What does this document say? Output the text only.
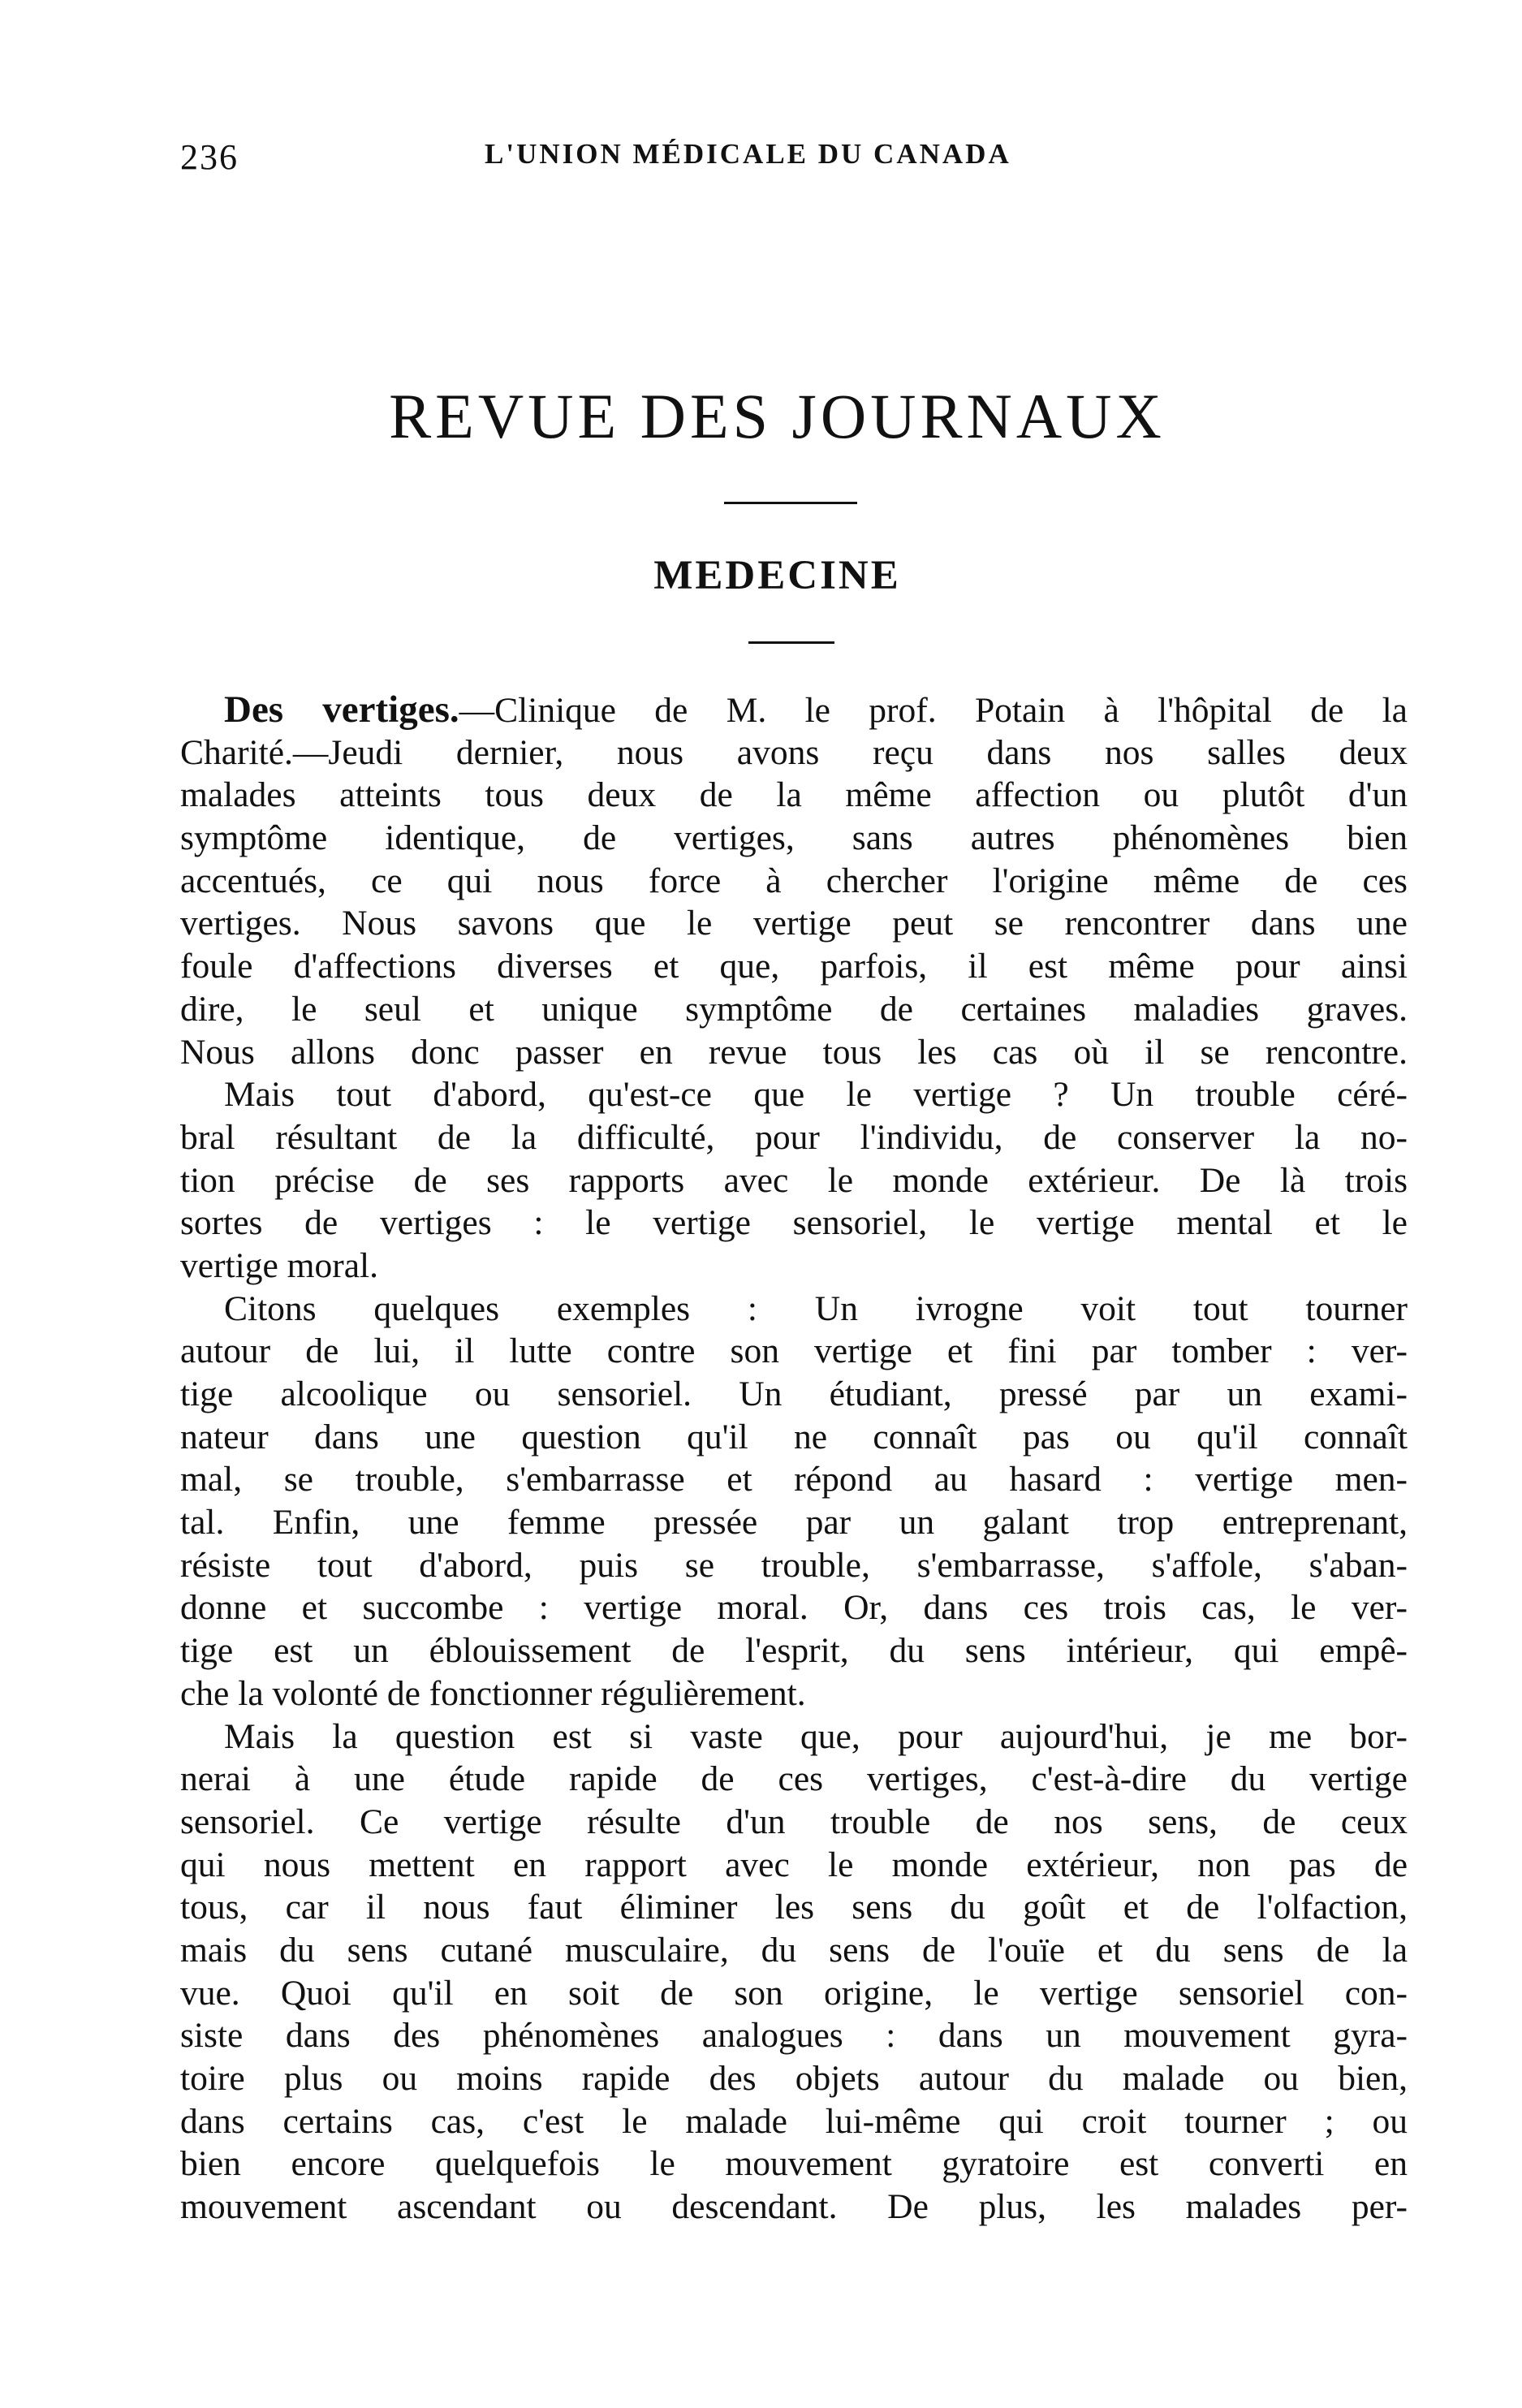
236	L'UNION MÉDICALE DU CANADA
REVUE DES JOURNAUX
MEDECINE
Des vertiges.—Clinique de M. le prof. Potain à l'hôpital de la
Charité.—Jeudi dernier, nous avons reçu dans nos salles deux
malades atteints tous deux de la même affection ou plutôt d'un
symptôme identique, de vertiges, sans autres phénomènes bien
accentués, ce qui nous force à chercher l'origine même de ces
vertiges. Nous savons que le vertige peut se rencontrer dans une
foule d'affections diverses et que, parfois, il est même pour ainsi
dire, le seul et unique symptôme de certaines maladies graves.
Nous allons donc passer en revue tous les cas où il se rencontre.
Mais tout d'abord, qu'est-ce que le vertige ? Un trouble céré-
bral résultant de la difficulté, pour l'individu, de conserver la no-
tion précise de ses rapports avec le monde extérieur. De là trois
sortes de vertiges : le vertige sensoriel, le vertige mental et le
vertige moral.
Citons quelques exemples : Un ivrogne voit tout tourner
autour de lui, il lutte contre son vertige et fini par tomber : ver-
tige alcoolique ou sensoriel. Un étudiant, pressé par un exami-
nateur dans une question qu'il ne connaît pas ou qu'il connaît
mal, se trouble, s'embarrasse et répond au hasard : vertige men-
tal. Enfin, une femme pressée par un galant trop entreprenant,
résiste tout d'abord, puis se trouble, s'embarrasse, s'affole, s'aban-
donne et succombe : vertige moral. Or, dans ces trois cas, le ver-
tige est un éblouissement de l'esprit, du sens intérieur, qui empê-
che la volonté de fonctionner régulièrement.
Mais la question est si vaste que, pour aujourd'hui, je me bor-
nerai à une étude rapide de ces vertiges, c'est-à-dire du vertige
sensoriel. Ce vertige résulte d'un trouble de nos sens, de ceux
qui nous mettent en rapport avec le monde extérieur, non pas de
tous, car il nous faut éliminer les sens du goût et de l'olfaction,
mais du sens cutané musculaire, du sens de l'ouïe et du sens de la
vue. Quoi qu'il en soit de son origine, le vertige sensoriel con-
siste dans des phénomènes analogues : dans un mouvement gyra-
toire plus ou moins rapide des objets autour du malade ou bien,
dans certains cas, c'est le malade lui-même qui croit tourner ; ou
bien encore quelquefois le mouvement gyratoire est converti en
mouvement ascendant ou descendant. De plus, les malades per-
